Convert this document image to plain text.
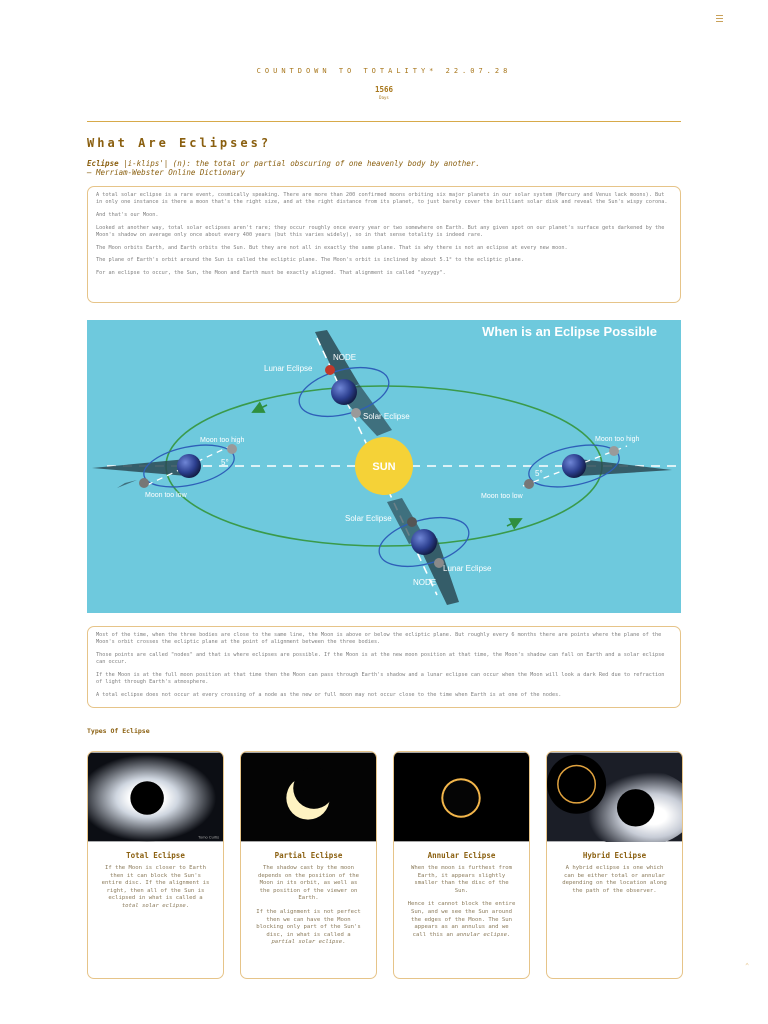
COUNTDOWN TO TOTALITY* 22.07.28
1566
Days
What Are Eclipses?
Eclipse |i-klips'| (n): the total or partial obscuring of one heavenly body by another.
– Merriam-Webster Online Dictionary

A total solar eclipse is a rare event, cosmically speaking. There are more than 200 confirmed moons orbiting six major planets in our solar system (Mercury and Venus lack moons). But in only one instance is there a moon that's the right size, and at the right distance from its planet, to just barely cover the brilliant solar disk and reveal the Sun's wispy corona.

And that's our Moon.

Looked at another way, total solar eclipses aren't rare; they occur roughly once every year or two somewhere on Earth. But any given spot on our planet's surface gets darkened by the Moon's shadow on average only once about every 400 years (but this varies widely), so in that sense totality is indeed rare.

The Moon orbits Earth, and Earth orbits the Sun. But they are not all in exactly the same plane. That is why there is not an eclipse at every new moon.

The plane of Earth's orbit around the Sun is called the ecliptic plane. The Moon's orbit is inclined by about 5.1° to the ecliptic plane.

For an eclipse to occur, the Sun, the Moon and Earth must be exactly aligned. That alignment is called "syzygy".

When is an Eclipse Possible
SUN
NODE
Lunar Eclipse
Solar Eclipse
Solar Eclipse
Lunar Eclipse
NODE
Moon too high
Moon too low
5°
Moon too high
Moon too low
5°

Most of the time, when the three bodies are close to the same line, the Moon is above or below the ecliptic plane. But roughly every 6 months there are points where the plane of the Moon's orbit crosses the ecliptic plane at the point of alignment between the three bodies.

Those points are called "nodes" and that is where eclipses are possible. If the Moon is at the new moon position at that time, the Moon's shadow can fall on Earth and a solar eclipse can occur.

If the Moon is at the full moon position at that time then the Moon can pass through Earth's shadow and a lunar eclipse can occur when the Moon will look a dark Red due to refraction of light through Earth's atmosphere.

A total eclipse does not occur at every crossing of a node as the new or full moon may not occur close to the time when Earth is at one of the nodes.

Types Of Eclipse
Tomo Curtis
Total Eclipse

If the Moon is closer to Earth then it can block the Sun's entire disc. If the alignment is right, then all of the Sun is eclipsed in what is called a total solar eclipse.

Partial Eclipse

The shadow cast by the moon depends on the position of the Moon in its orbit, as well as the position of the viewer on Earth.

If the alignment is not perfect then we can have the Moon blocking only part of the Sun's disc, in what is called a partial solar eclipse.

Annular Eclipse

When the moon is furthest from Earth, it appears slightly smaller than the disc of the Sun.

Hence it cannot block the entire Sun, and we see the Sun around the edges of the Moon. The Sun appears as an annulus and we call this an annular eclipse.

Hybrid Eclipse

A hybrid eclipse is one which can be either total or annular depending on the location along the path of the observer.

⌃
